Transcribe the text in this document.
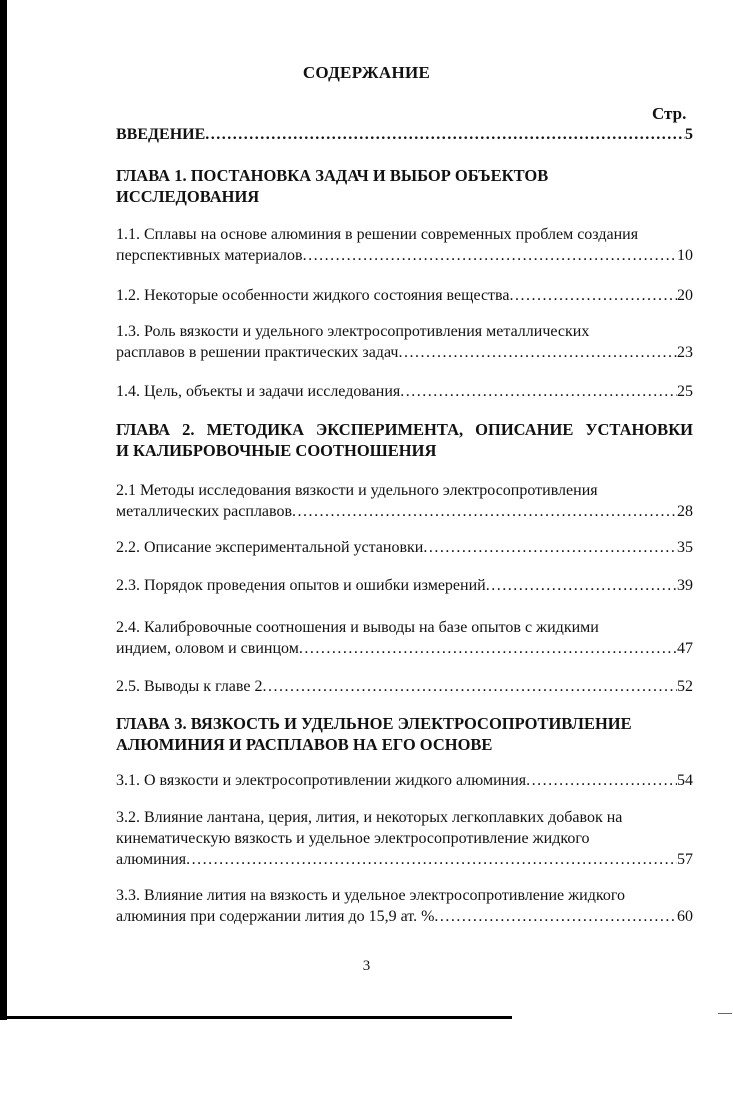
СОДЕРЖАНИЕ
Стр.
ВВЕДЕНИЕ .....	5
ГЛАВА 1. ПОСТАНОВКА ЗАДАЧ И ВЫБОР ОБЪЕКТОВ
ИССЛЕДОВАНИЯ
1.1. Сплавы на основе алюминия в решении современных проблем создания
перспективных материалов .....	10
1.2. Некоторые особенности жидкого состояния вещества .....	20
1.3. Роль вязкости и удельного электросопротивления металлических
расплавов в решении практических задач .....	23
1.4. Цель, объекты и задачи исследования .....	25
ГЛАВА 2. МЕТОДИКА ЭКСПЕРИМЕНТА, ОПИСАНИЕ УСТАНОВКИ
И КАЛИБРОВОЧНЫЕ СООТНОШЕНИЯ
2.1 Методы исследования вязкости и удельного электросопротивления
металлических расплавов .....	28
2.2. Описание экспериментальной установки .....	35
2.3. Порядок проведения опытов и ошибки измерений .....	39
2.4. Калибровочные соотношения и выводы на базе опытов с жидкими
индием, оловом и свинцом .....	47
2.5. Выводы к главе 2 .....	52
ГЛАВА 3. ВЯЗКОСТЬ И УДЕЛЬНОЕ ЭЛЕКТРОСОПРОТИВЛЕНИЕ
АЛЮМИНИЯ И РАСПЛАВОВ НА ЕГО ОСНОВЕ
3.1. О вязкости и электросопротивлении жидкого алюминия .....	54
3.2. Влияние лантана, церия, лития, и некоторых легкоплавких добавок на
кинематическую вязкость и удельное электросопротивление жидкого
алюминия .....	57
3.3. Влияние лития на вязкость и удельное электросопротивление жидкого
алюминия при содержании лития до 15,9 ат. % .....	60
3
